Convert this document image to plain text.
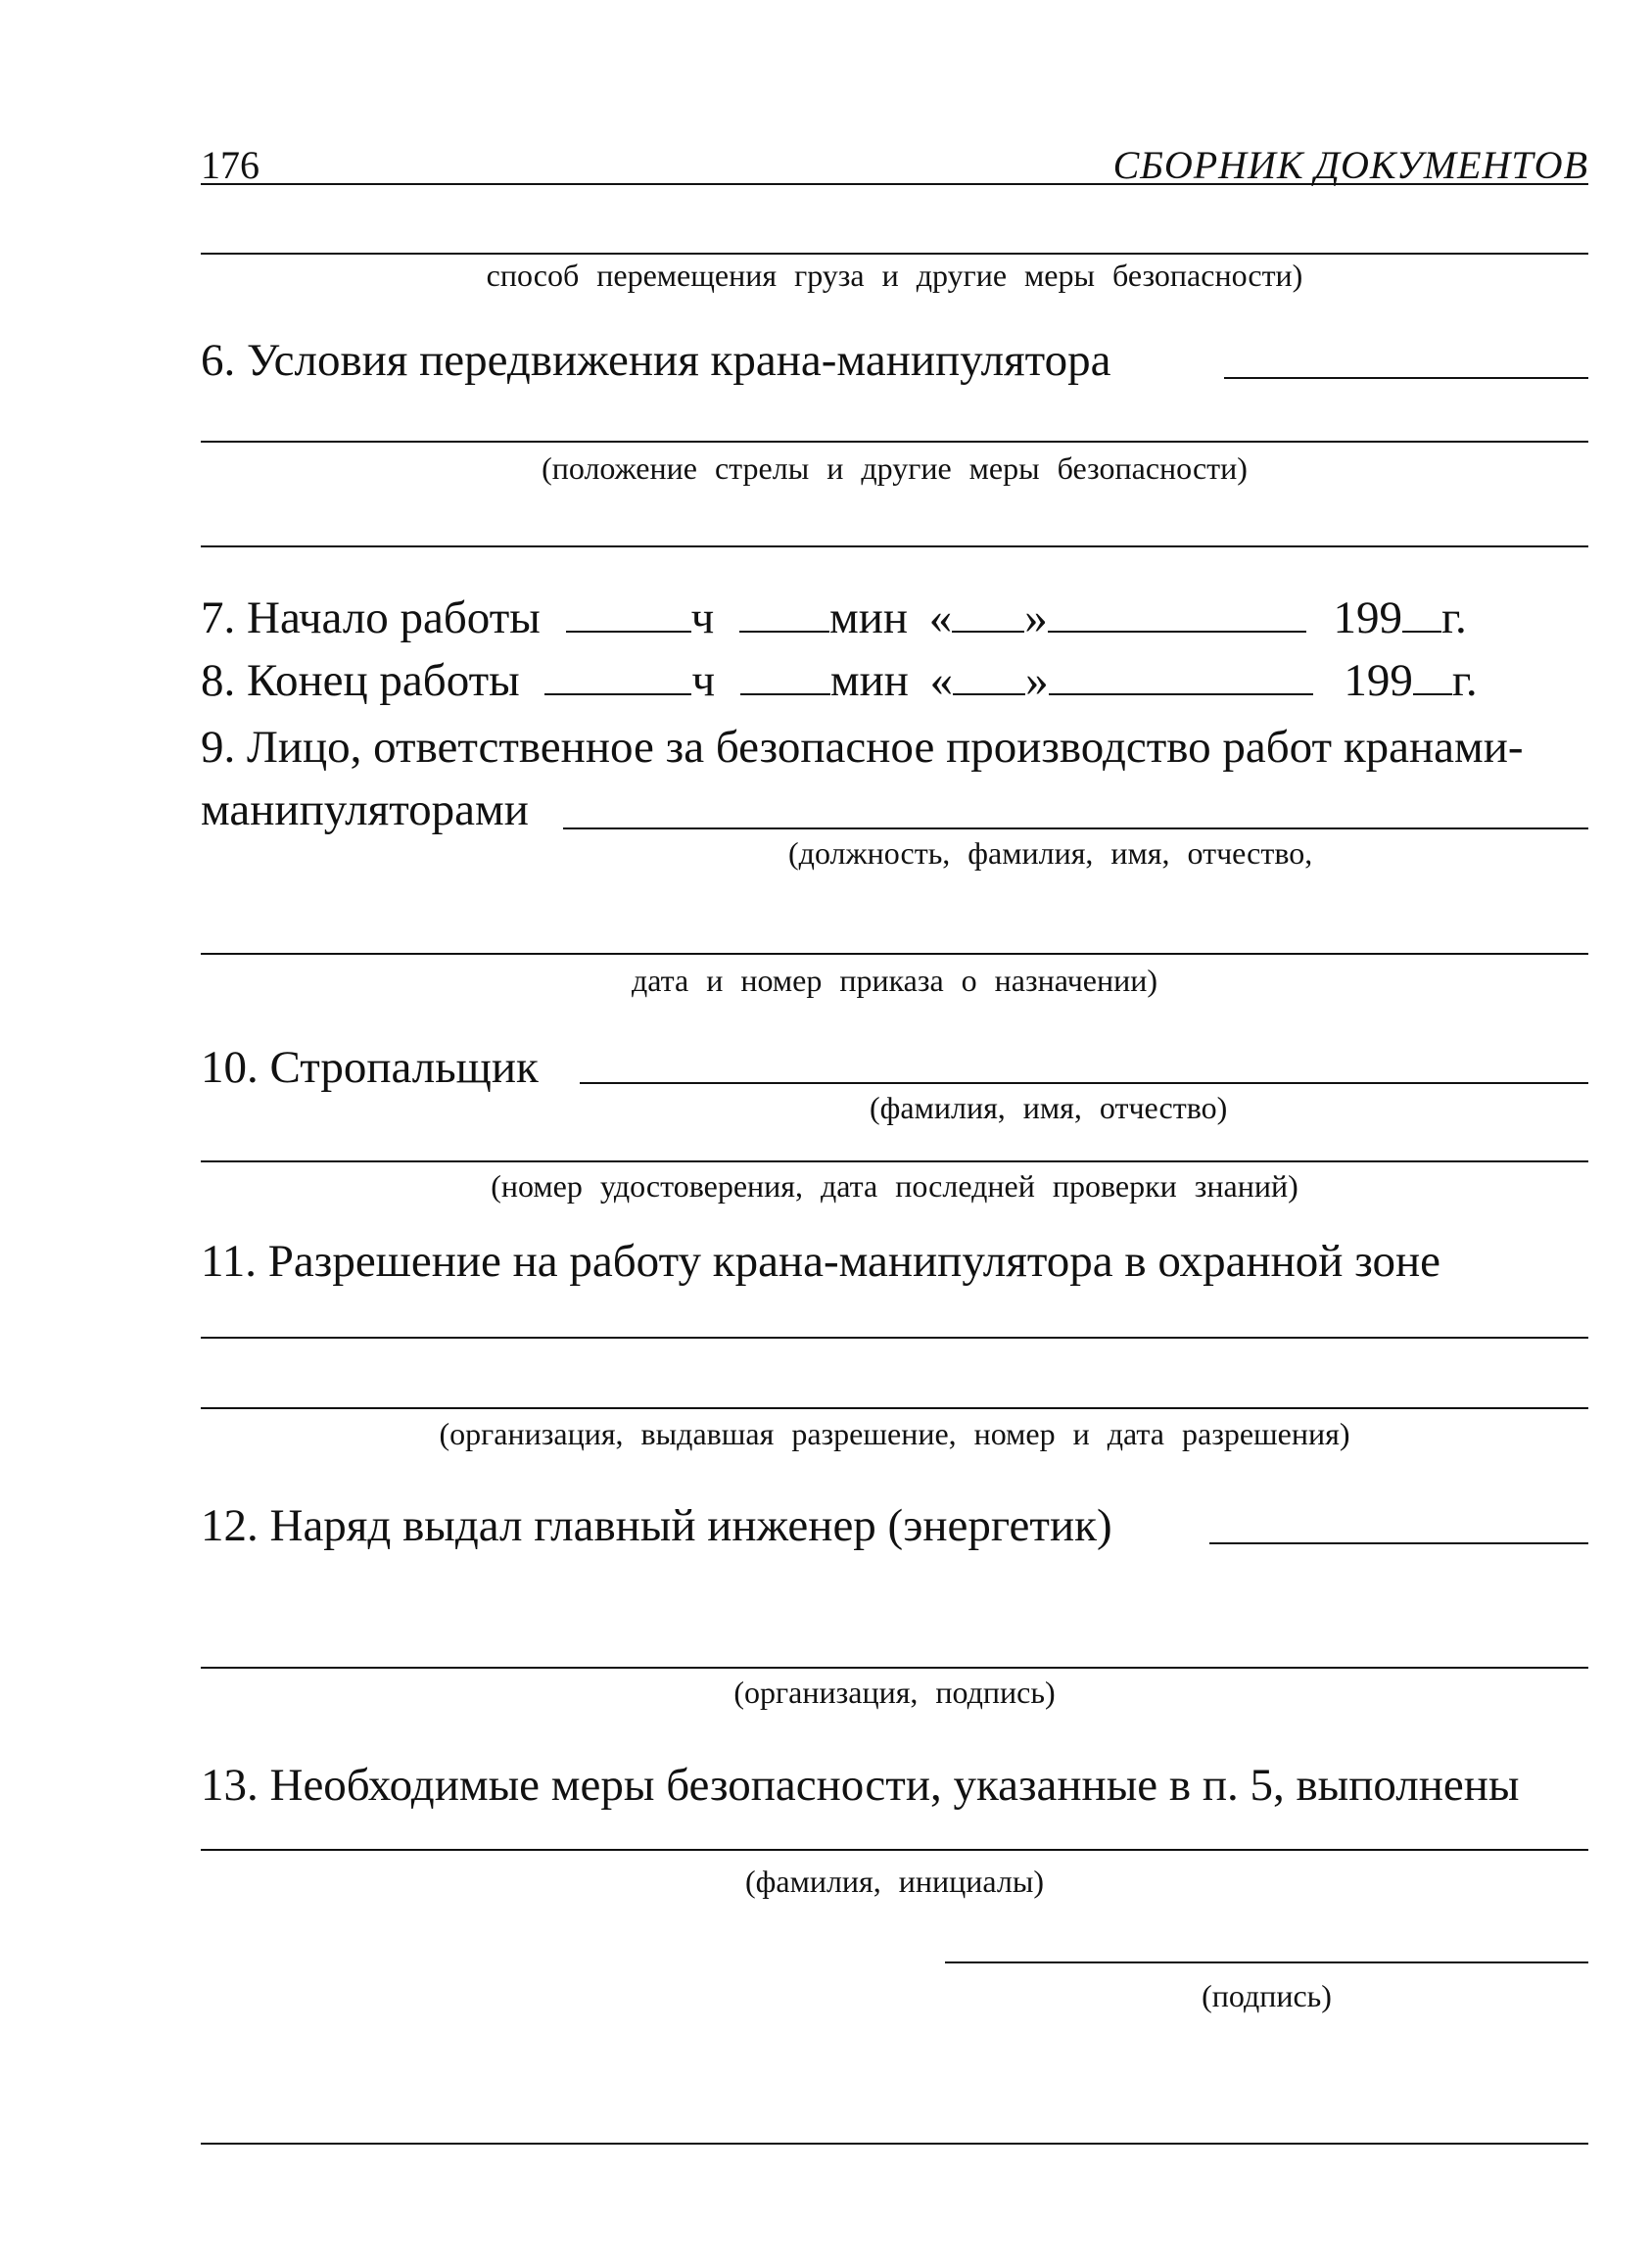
176	СБОРНИК ДОКУМЕНТОВ
способ перемещения груза и другие меры безопасности)
6. Условия передвижения крана-манипулятора
(положение стрелы и другие меры безопасности)
7. Начало работы	ч	мин « »	199 г.
8. Конец работы	ч	мин « »	199 г.
9. Лицо, ответственное за безопасное производство работ кранами-
манипуляторами
(должность, фамилия, имя, отчество,
дата и номер приказа о назначении)
10. Стропальщик
(фамилия, имя, отчество)
(номер удостоверения, дата последней проверки знаний)
11. Разрешение на работу крана-манипулятора в охранной зоне
(организация, выдавшая разрешение, номер и дата разрешения)
12. Наряд выдал главный инженер (энергетик)
(организация, подпись)
13. Необходимые меры безопасности, указанные в п. 5, выполнены
(фамилия, инициалы)
(подпись)
